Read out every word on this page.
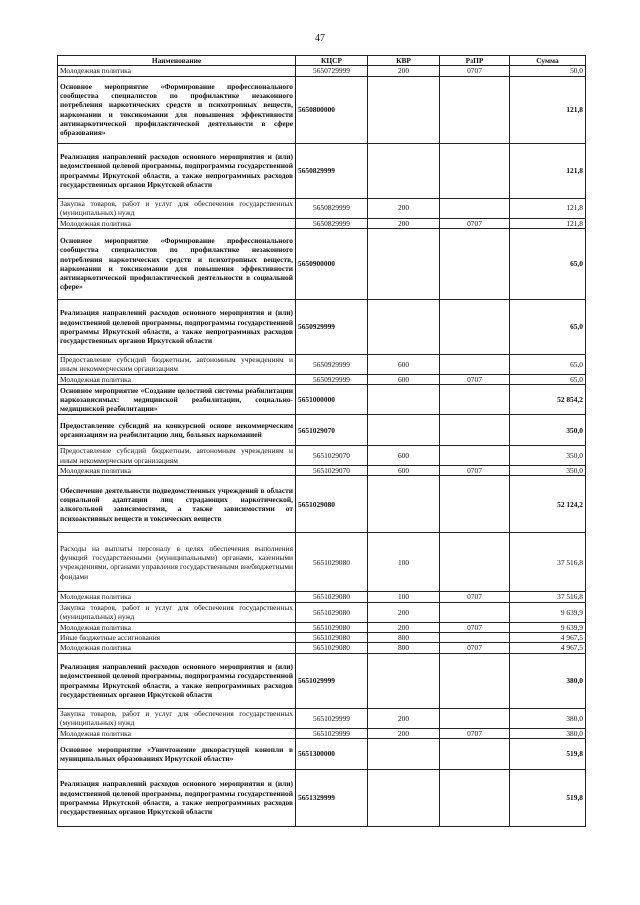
47
Наименование	КЦСР	КВР	РзПР	Сумма
Молодежная политика	5650729999	200	0707	50,0
Основное мероприятие «Формирование профессионального сообщества специалистов по профилактике незаконного потребления наркотических средств и психотропных веществ, наркомании и токсикомании для повышения эффективности антинаркотической профилактической деятельности в сфере образования»	5650800000			121,8
Реализация направлений расходов основного мероприятия и (или) ведомственной целевой программы, подпрограммы государственной программы Иркутской области, а также непрограммных расходов государственных органов Иркутской области	5650829999			121,8
Закупка товаров, работ и услуг для обеспечения государственных (муниципальных) нужд	5650829999	200		121,8
Молодежная политика	5650829999	200	0707	121,8
Основное мероприятие «Формирование профессионального сообщества специалистов по профилактике незаконного потребления наркотических средств и психотропных веществ, наркомании и токсикомании для повышения эффективности антинаркотической профилактической деятельности в социальной сфере»	5650900000			65,0
Реализация направлений расходов основного мероприятия и (или) ведомственной целевой программы, подпрограммы государственной программы Иркутской области, а также непрограммных расходов государственных органов Иркутской области	5650929999			65,0
Предоставление субсидий бюджетным, автономным учреждениям и иным некоммерческим организациям	5650929999	600		65,0
Молодежная политика	5650929999	600	0707	65,0
Основное мероприятие «Создание целостной системы реабилитации наркозависимых: медицинской реабилитации, социально-медицинской реабилитации»	5651000000			52 854,2
Предоставление субсидий на конкурсной основе некоммерческим организациям на реабилитацию лиц, больных наркоманией	5651029070			350,0
Предоставление субсидий бюджетным, автономным учреждениям и иным некоммерческим организациям	5651029070	600		350,0
Молодежная политика	5651029070	600	0707	350,0
Обеспечение деятельности подведомственных учреждений в области социальной адаптации лиц страдающих наркотической, алкогольной зависимостями, а также зависимостями от психоактивных веществ и токсических веществ	5651029080			52 124,2
Расходы на выплаты персоналу в целях обеспечения выполнения функций государственными (муниципальными) органами, казенными учреждениями, органами управления государственными внебюджетными фондами	5651029080	100		37 516,8
Молодежная политика	5651029080	100	0707	37 516,8
Закупка товаров, работ и услуг для обеспечения государственных (муниципальных) нужд	5651029080	200		9 639,9
Молодежная политика	5651029080	200	0707	9 639,9
Иные бюджетные ассигнования	5651029080	800		4 967,5
Молодежная политика	5651029080	800	0707	4 967,5
Реализация направлений расходов основного мероприятия и (или) ведомственной целевой программы, подпрограммы государственной программы Иркутской области, а также непрограммных расходов государственных органов Иркутской области	5651029999			380,0
Закупка товаров, работ и услуг для обеспечения государственных (муниципальных) нужд	5651029999	200		380,0
Молодежная политика	5651029999	200	0707	380,0
Основное мероприятие «Уничтожение дикорастущей конопли в муниципальных образованиях Иркутской области»	5651300000			519,8
Реализация направлений расходов основного мероприятия и (или) ведомственной целевой программы, подпрограммы государственной программы Иркутской области, а также непрограммных расходов государственных органов Иркутской области	5651329999			519,8
